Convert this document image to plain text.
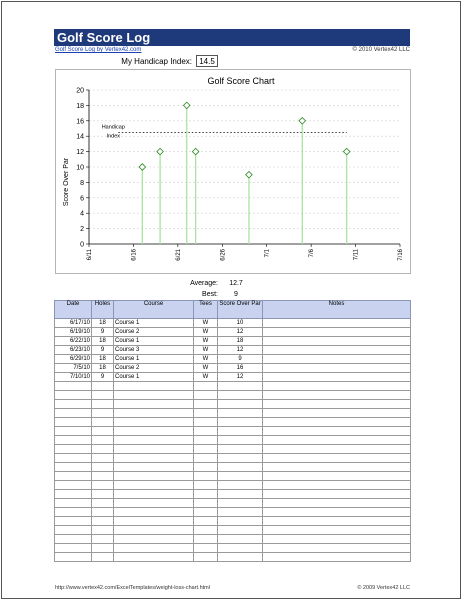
Golf Score Log
Golf Score Log by Vertex42.com	© 2010 Vertex42 LLC
My Handicap Index: 14.5
Golf Score Chart
Score Over Par
0
2
4
6
8
10
12
14
16
18
20
6/11	6/16	6/21	6/26	7/1	7/6	7/11	7/16
Handicap
Index
Average:	12.7
Best:	9
Date	Holes	Course	Tees	Score Over Par	Notes
6/17/10	18	Course 1	W	10	
6/19/10	9	Course 2	W	12	
6/22/10	18	Course 1	W	18	
6/23/10	9	Course 3	W	12	
6/29/10	18	Course 1	W	9	
7/5/10	18	Course 2	W	16	
7/10/10	9	Course 1	W	12	

http://www.vertex42.com/ExcelTemplates/weight-loss-chart.html	© 2009 Vertex42 LLC
